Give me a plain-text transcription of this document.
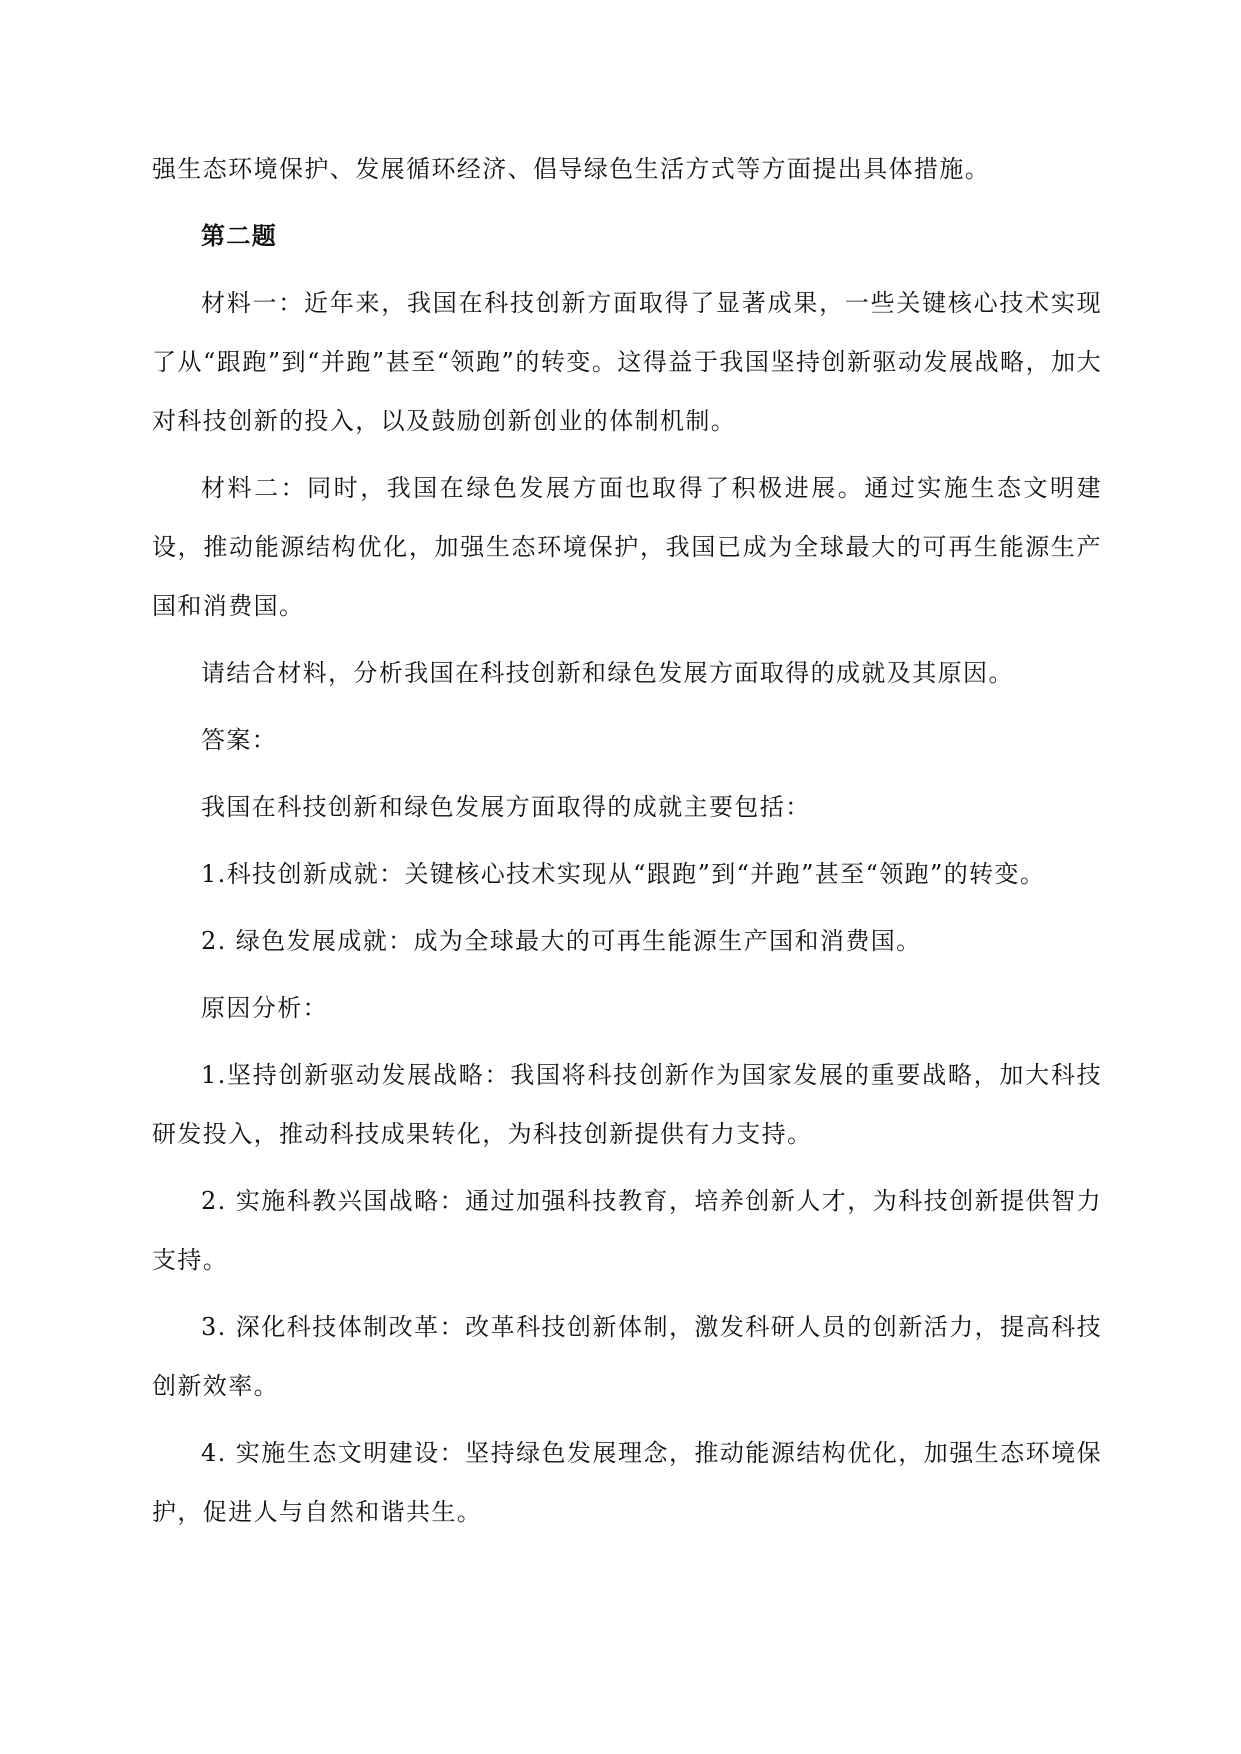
强生态环境保护、发展循环经济、倡导绿色生活方式等方面提出具体措施。

第二题

材料一：近年来，我国在科技创新方面取得了显著成果，一些关键核心技术实现了从“跟跑”到“并跑”甚至“领跑”的转变。这得益于我国坚持创新驱动发展战略，加大对科技创新的投入，以及鼓励创新创业的体制机制。

材料二：同时，我国在绿色发展方面也取得了积极进展。通过实施生态文明建设，推动能源结构优化，加强生态环境保护，我国已成为全球最大的可再生能源生产国和消费国。

请结合材料，分析我国在科技创新和绿色发展方面取得的成就及其原因。

答案：

我国在科技创新和绿色发展方面取得的成就主要包括：

1.科技创新成就：关键核心技术实现从“跟跑”到“并跑”甚至“领跑”的转变。

2. 绿色发展成就：成为全球最大的可再生能源生产国和消费国。

原因分析：

1.坚持创新驱动发展战略：我国将科技创新作为国家发展的重要战略，加大科技研发投入，推动科技成果转化，为科技创新提供有力支持。

2. 实施科教兴国战略：通过加强科技教育，培养创新人才，为科技创新提供智力支持。

3. 深化科技体制改革：改革科技创新体制，激发科研人员的创新活力，提高科技创新效率。

4. 实施生态文明建设：坚持绿色发展理念，推动能源结构优化，加强生态环境保护，促进人与自然和谐共生。
